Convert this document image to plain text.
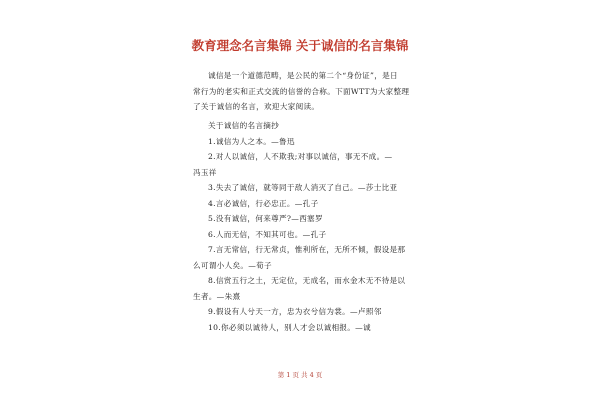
教育理念名言集锦 关于诚信的名言集锦
诚信是一个道德范畴，是公民的第二个“身份证”，是日
常行为的老实和正式交流的信誉的合称。下面WTT为大家整理
了关于诚信的名言，欢迎大家阅读。
关于诚信的名言摘抄
1.诚信为人之本。—鲁迅
2.对人以诚信，人不欺我;对事以诚信，事无不成。—
冯玉祥
3.失去了诚信，就等同于敌人消灭了自己。—莎士比亚
4.言必诚信，行必忠正。—孔子
5.没有诚信，何来尊严?—西塞罗
6.人而无信，不知其可也。—孔子
7.言无常信，行无常贞，惟利所在，无所不倾，假设是那
么可谓小人矣。—荀子
8.信赏五行之土，无定位，无成名，而水金木无不待是以
生者。—朱熹
9.假设有人兮天一方，忠为衣兮信为裳。—卢照邻
10.你必须以诚待人，别人才会以诚相报。—诚
第 1 页 共 4 页
